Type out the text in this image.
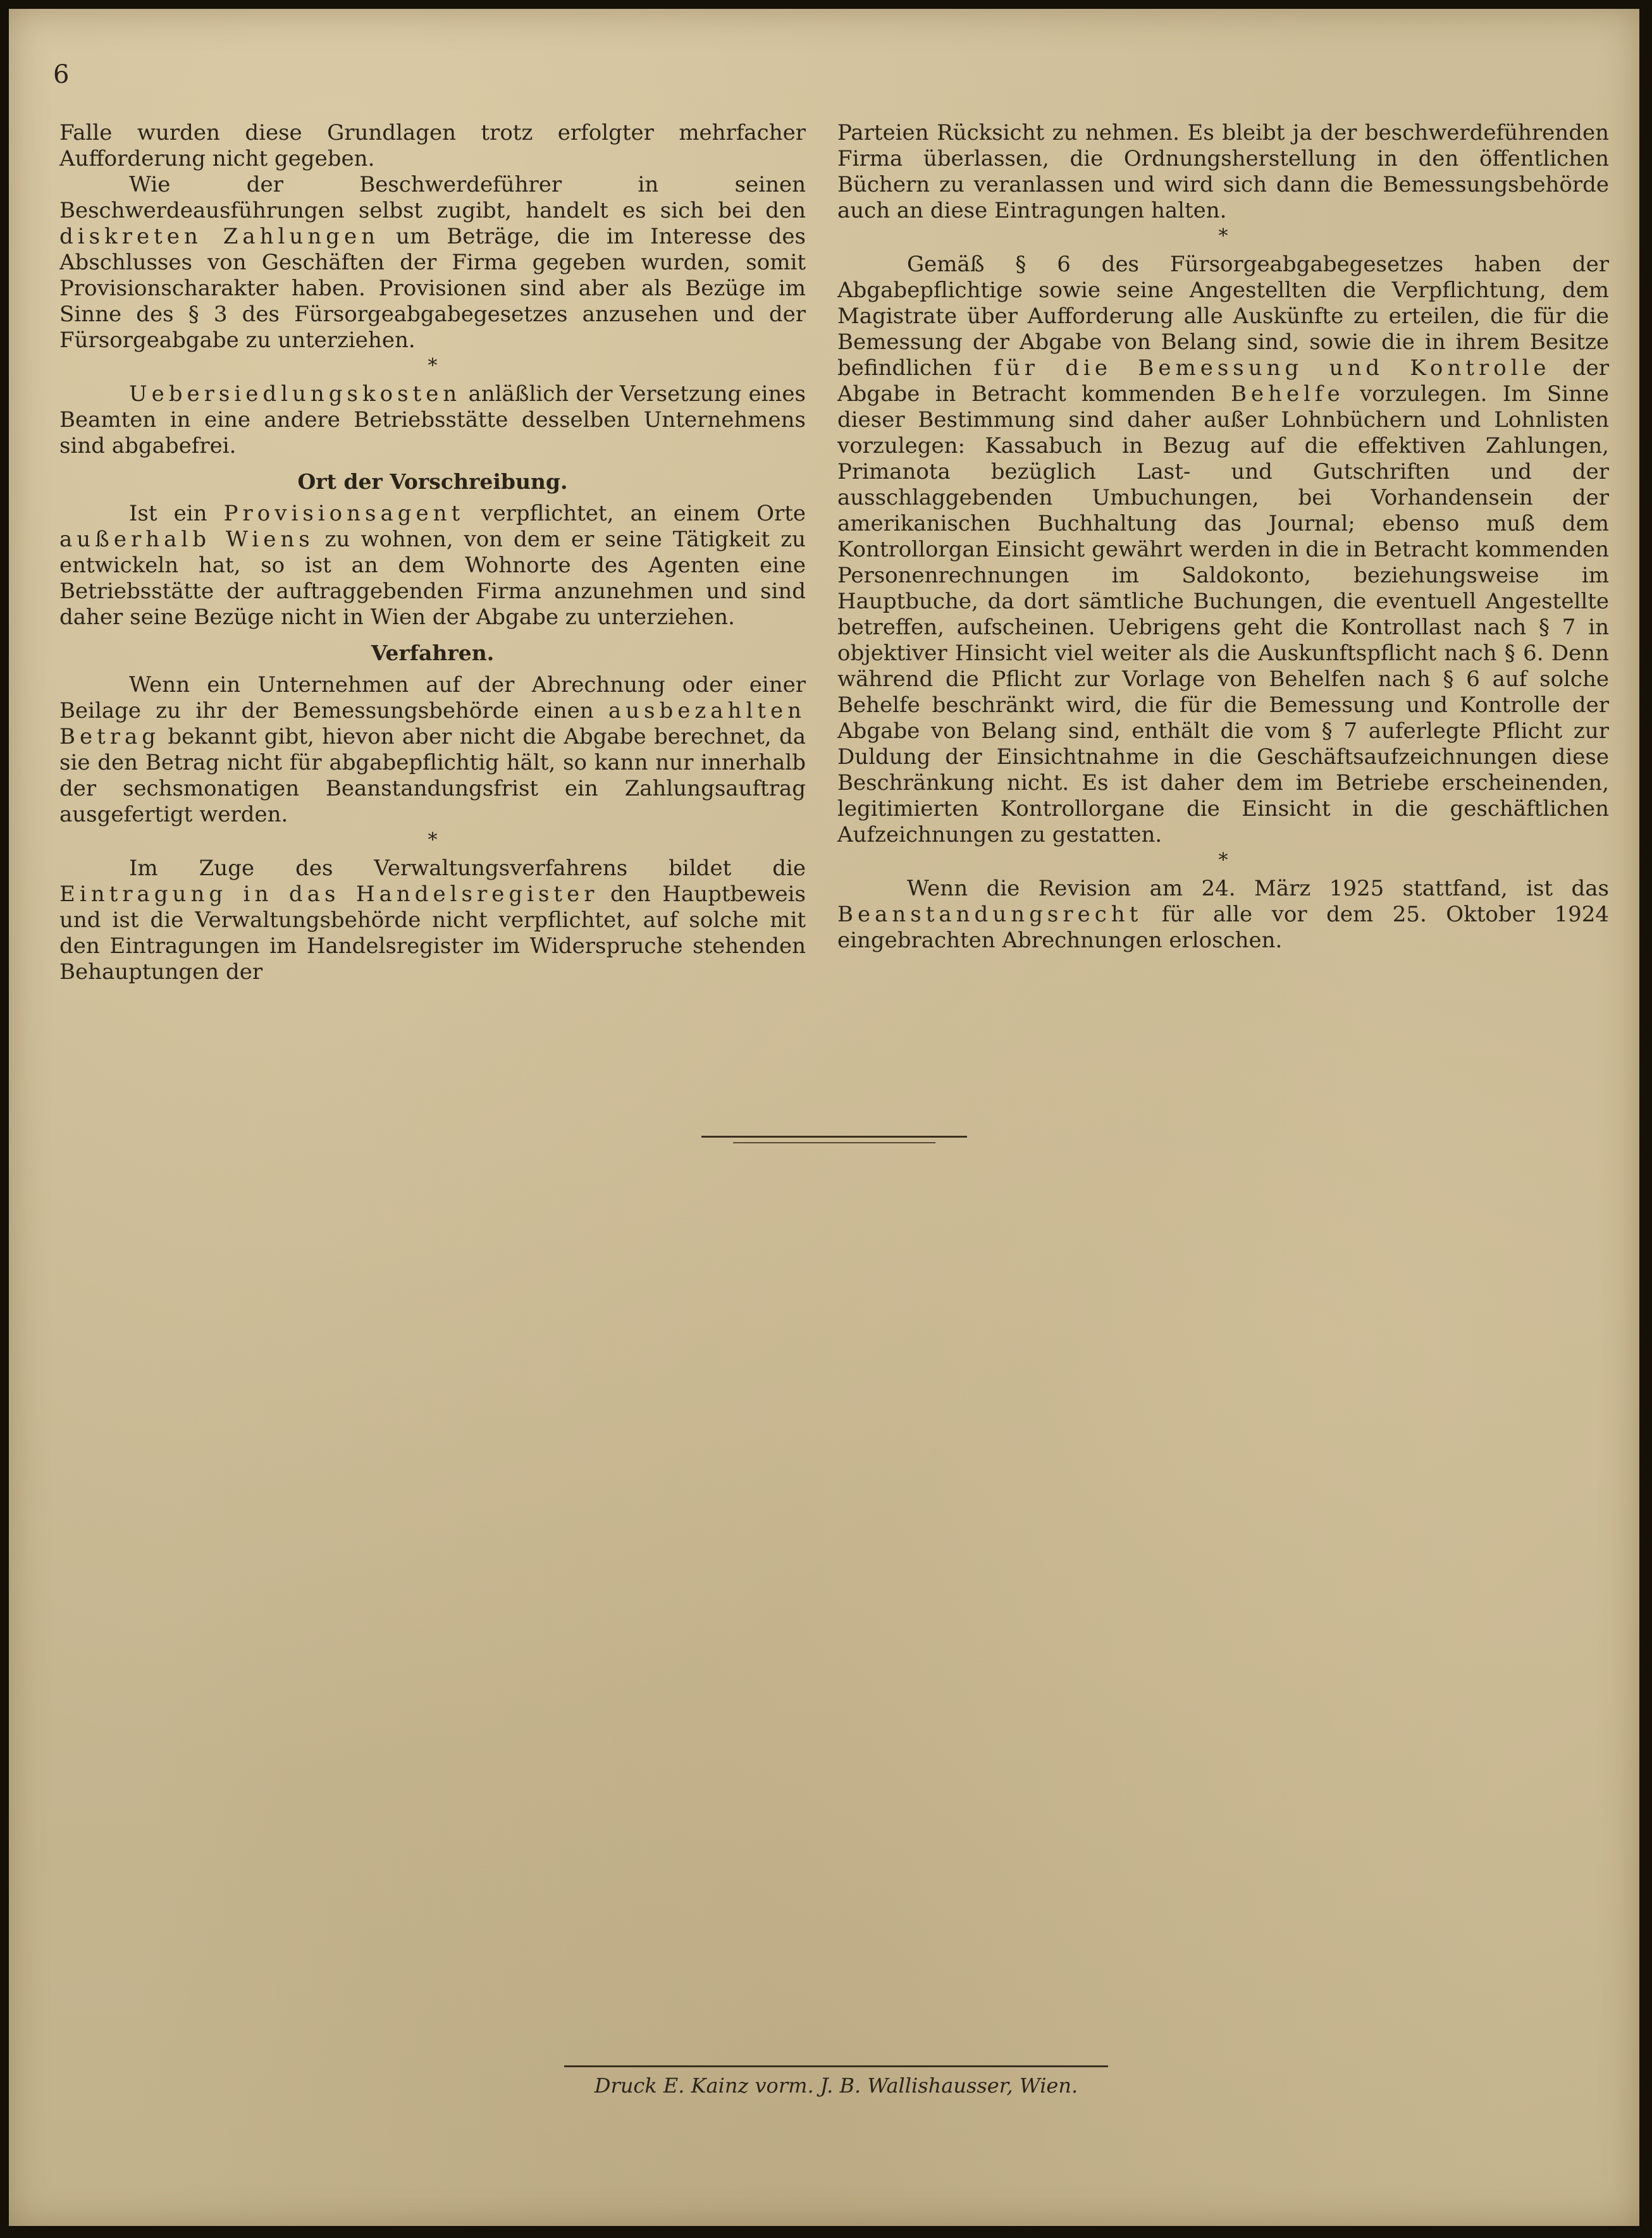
6

Falle wurden diese Grundlagen trotz erfolgter mehrfacher Aufforderung nicht gegeben.

Wie der Beschwerdeführer in seinen Beschwerdeausführungen selbst zugibt, handelt es sich bei den diskreten Zahlungen um Beträge, die im Interesse des Abschlusses von Geschäften der Firma gegeben wurden, somit Provisionscharakter haben. Provisionen sind aber als Bezüge im Sinne des § 3 des Fürsorgeabgabegesetzes anzusehen und der Fürsorgeabgabe zu unterziehen.

*

Uebersiedlungskosten anläßlich der Versetzung eines Beamten in eine andere Betriebsstätte desselben Unternehmens sind abgabefrei.

Ort der Vorschreibung.

Ist ein Provisionsagent verpflichtet, an einem Orte außerhalb Wiens zu wohnen, von dem er seine Tätigkeit zu entwickeln hat, so ist an dem Wohnorte des Agenten eine Betriebsstätte der auftraggebenden Firma anzunehmen und sind daher seine Bezüge nicht in Wien der Abgabe zu unterziehen.

Verfahren.

Wenn ein Unternehmen auf der Abrechnung oder einer Beilage zu ihr der Bemessungsbehörde einen ausbezahlten Betrag bekannt gibt, hievon aber nicht die Abgabe berechnet, da sie den Betrag nicht für abgabepflichtig hält, so kann nur innerhalb der sechsmonatigen Beanstandungsfrist ein Zahlungsauftrag ausgefertigt werden.

*

Im Zuge des Verwaltungsverfahrens bildet die Eintragung in das Handelsregister den Hauptbeweis und ist die Verwaltungsbehörde nicht verpflichtet, auf solche mit den Eintragungen im Handelsregister im Widerspruche stehenden Behauptungen der

Parteien Rücksicht zu nehmen. Es bleibt ja der beschwerdeführenden Firma überlassen, die Ordnungsherstellung in den öffentlichen Büchern zu veranlassen und wird sich dann die Bemessungsbehörde auch an diese Eintragungen halten.

*

Gemäß § 6 des Fürsorgeabgabegesetzes haben der Abgabepflichtige sowie seine Angestellten die Verpflichtung, dem Magistrate über Aufforderung alle Auskünfte zu erteilen, die für die Bemessung der Abgabe von Belang sind, sowie die in ihrem Besitze befindlichen für die Bemessung und Kontrolle der Abgabe in Betracht kommenden Behelfe vorzulegen. Im Sinne dieser Bestimmung sind daher außer Lohnbüchern und Lohnlisten vorzulegen: Kassabuch in Bezug auf die effektiven Zahlungen, Primanota bezüglich Last- und Gutschriften und der ausschlaggebenden Umbuchungen, bei Vorhandensein der amerikanischen Buchhaltung das Journal; ebenso muß dem Kontrollorgan Einsicht gewährt werden in die in Betracht kommenden Personenrechnungen im Saldokonto, beziehungsweise im Hauptbuche, da dort sämtliche Buchungen, die eventuell Angestellte betreffen, aufscheinen. Uebrigens geht die Kontrollast nach § 7 in objektiver Hinsicht viel weiter als die Auskunftspflicht nach § 6. Denn während die Pflicht zur Vorlage von Behelfen nach § 6 auf solche Behelfe beschränkt wird, die für die Bemessung und Kontrolle der Abgabe von Belang sind, enthält die vom § 7 auferlegte Pflicht zur Duldung der Einsichtnahme in die Geschäftsaufzeichnungen diese Beschränkung nicht. Es ist daher dem im Betriebe erscheinenden, legitimierten Kontrollorgane die Einsicht in die geschäftlichen Aufzeichnungen zu gestatten.

*

Wenn die Revision am 24. März 1925 stattfand, ist das Beanstandungsrecht für alle vor dem 25. Oktober 1924 eingebrachten Abrechnungen erloschen.

Druck E. Kainz vorm. J. B. Wallishausser, Wien.
